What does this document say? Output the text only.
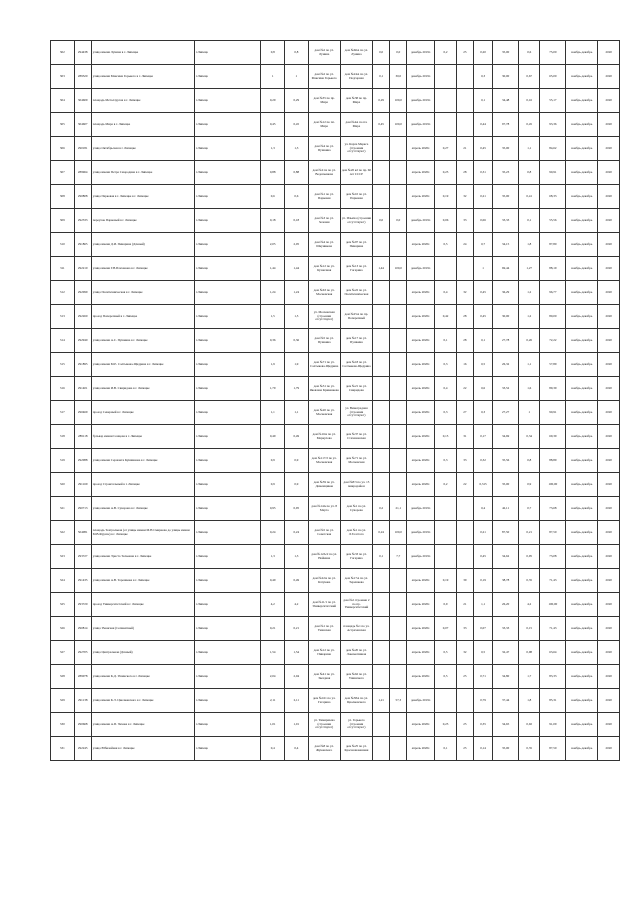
302	294438	улица имени Лунина в г. Липецке	г.Липецк	0,8	0,8	дом №2 по ул. Лунина	дом №66А по ул. Лунина	0,0	0,0	декабрь 2019г.	0,2	25	0,20	35,00	0,6	75,00	ноябрь-декабрь	2020
303	289320	улица имени Максима Горького в г. Липецке	г.Липецк	1	1	дом №2 по ул. Максима Горького	дом №24А по ул. Подгорная	0,1	30,0	декабрь 2019г.			0,3	30,00	0,67	65,00	ноябрь-декабрь	2020
304	304609	площадь Металлургов в г. Липецке	г.Липецк	0,29	0,29	дом №35 по пр. Мира	дом №38 по пр. Мира	0,29	100,0	декабрь 2019г.			0,1	34,48	0,16	55,17	ноябрь-декабрь	2020
305	304607	площадь Мира в г. Липецке	г.Липецк	0,45	0,45	дом №12 по пл. Мира	дом №4А по пл. Мира	0,45	100,0	декабрь 2019г.			0,44	97,78	0,45	93,36	ноябрь-декабрь	2020
306	290181	улица Октябрьская в г. Липецке	г.Липецк	1,3	1,3	дом №4 по ул. Пушкина	ул. Карла Маркса (строения отсутствуют)			апрель 2020г.	0,27	21	0,45	35,00	1,1	84,62	ноябрь-декабрь	2020
307	289964	улица имени Петра Смородина в г. Липецке	г.Липецк	0,88	0,88	дом №21А по ул. Водопьянова	дом №20 к2 по пр. 60 лет СССР			апрель 2020г.	0,25	28	0,31	35,23	0,8	90,91	ноябрь-декабрь	2020
308	290808	улица Парковая в г. Липецке в г. Липецке	г.Липецк	0,6	0,6	дом №1 по ул. Парковая	дом №10 по ул. Парковая			апрель 2020г.	0,19	32	0,21	35,00	0,41	68,33	ноябрь-декабрь	2020
309	292333	переулок Парковый в г. Липецке	г.Липецк	0,18	0,18	дом №3 по ул. Зеленая	ул. Ильича (строения отсутствуют)	0,0	0,0	декабрь 2019г.	0,06	33	0,06	33,33	0,1	55,56	ноябрь-декабрь	2020
310	291865	улица имени Д.И. Пинарина (Дачный)	г.Липецк	2,05	2,05	дом №4 по ул. Шкуникова	дом №97 по ул. Пинарина			апрель 2020г.	0,5	24	0,7	34,15	1,8	87,80	ноябрь-декабрь	2020
311	292210	улица имени Г.В.Плеханова в г. Липецке	г.Липецк	1,44	1,44	дом №12 по ул. Кузнечная	дом №13 по ул. Гагарина	1,44	100,0	декабрь 2019г.			1	69,44	1,27	88,19	ноябрь-декабрь	2020
312	292099	улица Политехническая в г. Липецке	г.Липецк	1,24	1,24	дом №63 по ул. Московская	дом №22 по ул. Политехническая			апрель 2020г.	0,4	32	0,45	36,29	1,2	96,77	ноябрь-декабрь	2020
313	292260	проезд Поперечный в г. Липецке	г.Липецк	1,5	1,5	ул. Московская (строения отсутствуют)	дом №25А по пр. Поперечный			апрель 2020г.	0,42	28	0,45	30,00	1,2	80,00	ноябрь-декабрь	2020
314	292940	улица имени А.С. Пушкина в г. Липецке	г.Липецк	0,36	0,36	дом №5 по ул. Пушкина	дом №17 по ул. Пушкина			апрель 2020г.	0,1	28	0,1	27,78	0,26	72,22	ноябрь-декабрь	2020
315	291895	улица имени М.Е. Салтыкова-Щедрина в г. Липецке	г.Липецк	1,9	1,9	дом №71 по ул. Салтыкова-Щедрина	дом №18 по ул. Салтыкова-Щедрина			апрель 2020г.	0,3	16	0,5	26,32	1,1	57,89	ноябрь-декабрь	2020
316	291401	улица имени И.В. Свиридова в г. Липецке	г.Липецк	1,79	1,79	дом №31 по ул. Яковлева Кривенкова	дом №21 по ул. Свиридова			апрель 2020г.	0,4	22	0,6	33,52	1,6	89,39	ноябрь-декабрь	2020
317	290469	проезд Северный в г. Липецке	г.Липецк	1,1	1,1	дом №20 по ул. Московская	ул. Виноградная (строения отсутствуют)			апрель 2020г.	0,3	27	0,3	27,27	1	90,91	ноябрь-декабрь	2020
318	289118	бульвар имени Сенцова в г. Липецке	г.Липецк	0,49	0,49	дом №16А по ул. Меркулова	дом №37 по ул. Стахановская			апрель 2020г.	0,15	31	0,17	34,69	0,34	69,39	ноябрь-декабрь	2020
319	292088	улица имени Сержанта Кувшинова в г. Липецке	г.Липецк	0,9	0,9	дом №117/2 по ул. Московская	дом №71 по ул. Московская			апрель 2020г.	0,3	33	0,32	35,56	0,8	88,89	ноябрь-декабрь	2020
320	291169	проезд Строительный в г. Липецке	г.Липецк	0,9	0,9	дом №59 по ул. Доменщиков	дом №8/3 по ул. 15 микрорайон			апрель 2020г.	0,2	22	0,315	35,00	0,9	100,00	ноябрь-декабрь	2020
321	290713	улица имени А.В. Суворова в г. Липецке	г.Липецк	0,95	0,95	дом №14А по ул. 8 Марта	дом №1 по ул. Суворова	0,2	21,1	декабрь 2019г.			0,4	42,11	0,7	73,68	ноябрь-декабрь	2020
322	504081	площадь Театральная (от улицы имени М.Н.Смирнова до улицы имени М.В.Фрунзе) в г. Липецке	г.Липецк	0,24	0,24	дом №5 по ул. Советская	дом №1 по ул. Л.Толстого	0,24	100,0	декабрь 2019г.			0,21	87,50	0,21	87,50	ноябрь-декабрь	2020
323	293727	улица имени Эрнста Тельмана в г. Липецке	г.Липецк	1,3	1,3	дом №12А/2 по ул. Неймана	дом №33 по ул. Гагарина	0,1	7,7	декабрь 2019г.			0,45	34,62	0,95	73,08	ноябрь-декабрь	2020
324	291435	улица имени А.В. Терешкова в г. Липецке	г.Липецк	0,49	0,49	дом №22А по ул. Катукова	дом №17А по ул. Терешкова			апрель 2020г.	0,19	39	0,19	38,78	0,35	71,43	ноябрь-декабрь	2020
325	293720	проезд Университетский в г. Липецке	г.Липецк	4,2	4,2	дом №11/1 по ул. Университетский	дом №2 строение 2 по пр. Университетский			апрель 2020г.	0,9	21	1,1	26,20	4,2	100,00	ноябрь-декабрь	2020
326	290814	улица Уманская (Селикатный)	г.Липецк	0,21	0,21	дом №1 по ул. Уманская	площадь №1 по ул. Астраханская			апрель 2020г.	0,07	33	0,07	33,33	0,15	71,43	ноябрь-декабрь	2020
327	292705	улица Центральная (Дачный)	г.Липецк	1,54	1,54	дом №12 по ул. Пинарина	дом №20 по ул. Локомотивная			апрель 2020г.	0,5	32	0,5	32,47	0,98	63,64	ноябрь-декабрь	2020
328	289078	улица имени К.Д. Ушинского в г. Липецке	г.Липецк	2,04	2,04	дом №41 по ул. Звездная	дом №62 по ул. Ушинского			апрель 2020г.	0,5	25	0,71	34,80	1,7	83,33	ноябрь-декабрь	2020
329	291138	улица имени К.Э. Циолковского в г. Липецке	г.Липецк	2,11	2,11	дом №161 по ул. Гагарина	дом №38А по ул. Циолковского	1,21	57,3	декабрь 2019г.			0,79	37,44	1,8	85,31	ноябрь-декабрь	2020
330	290668	улица имени А.П. Чехова в г. Липецке	г.Липецк	1,01	1,01	ул. Тимирязева (строения отсутствуют)	ул. Горького (строения отсутствуют)			апрель 2020г.	0,25	25	0,35	34,65	0,92	91,09	ноябрь-декабрь	2020
331	292245	улица Юбилейная в г. Липецке	г.Липецк	0,4	0,4	дом №8 по ул. Жуковского	дом №25 по ул. Краснознаменная			апрель 2020г.	0,1	25	0,14	35,00	0,35	87,50	ноябрь-декабрь	2020
